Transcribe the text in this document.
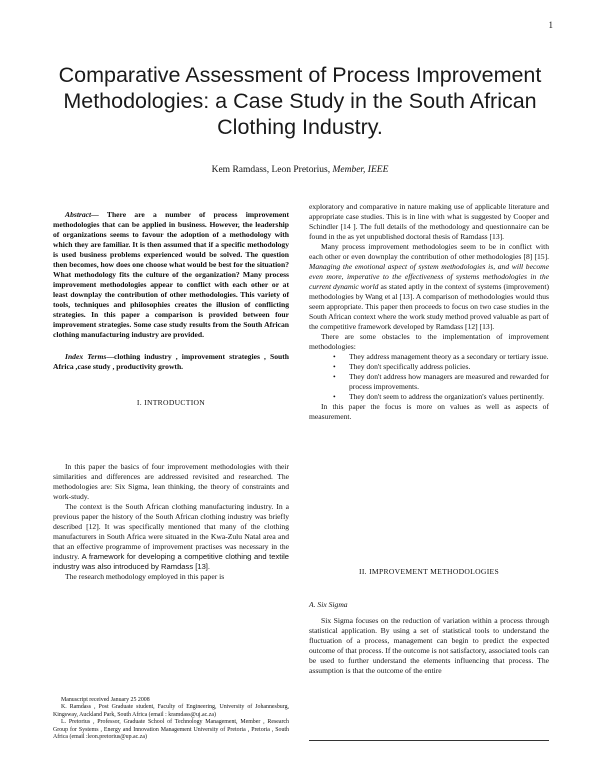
1
Comparative Assessment of Process Improvement Methodologies: a Case Study in the South African Clothing Industry.
Kem Ramdass, Leon Pretorius, Member, IEEE
Abstract— There are a number of process improvement methodologies that can be applied in business. However, the leadership of organizations seems to favour the adoption of a methodology with which they are familiar. It is then assumed that if a specific methodology is used business problems experienced would be solved. The question then becomes, how does one choose what would be best for the situation? What methodology fits the culture of the organization? Many process improvement methodologies appear to conflict with each other or at least downplay the contribution of other methodologies. This variety of tools, techniques and philosophies creates the illusion of conflicting strategies. In this paper a comparison is provided between four improvement strategies. Some case study results from the South African clothing manufacturing industry are provided.
Index Terms—clothing industry , improvement strategies , South Africa ,case study , productivity growth.
I. INTRODUCTION

In this paper the basics of four improvement methodologies with their similarities and differences are addressed revisited and researched. The methodologies are: Six Sigma, lean thinking, the theory of constraints and work-study.

The context is the South African clothing manufacturing industry. In a previous paper the history of the South African clothing industry was briefly described [12]. It was specifically mentioned that many of the clothing manufacturers in South Africa were situated in the Kwa-Zulu Natal area and that an effective programme of improvement practises was necessary in the industry. A framework for developing a competitive clothing and textile industry was also introduced by Ramdass [13].

The research methodology employed in this paper is

Manuscript received January 25 2008

K. Ramdass , Post Graduate student, Faculty of Engineering, University of Johannesburg, Kingsway, Auckland Park, South Africa (email : kramdass@uj.ac.za)

L. Pretorius , Professor, Graduate School of Technology Management, Member , Research Group for Systems , Energy and Innovation Management University of Pretoria , Pretoria , South Africa (email :leon.pretorius@up.ac.za)

exploratory and comparative in nature making use of applicable literature and appropriate case studies. This is in line with what is suggested by Cooper and Schindler [14 ]. The full details of the methodology and questionnaire can be found in the as yet unpublished doctoral thesis of Ramdass [13].

Many process improvement methodologies seem to be in conflict with each other or even downplay the contribution of other methodologies [8] [15]. Managing the emotional aspect of system methodologies is, and will become even more, imperative to the effectiveness of systems methodologies in the current dynamic world as stated aptly in the context of systems (improvement) methodologies by Wang et al [13]. A comparison of methodologies would thus seem appropriate. This paper then proceeds to focus on two case studies in the South African context where the work study method proved valuable as part of the competitive framework developed by Ramdass [12] [13].

There are some obstacles to the implementation of improvement methodologies:

• They address management theory as a secondary or tertiary issue.
• They don't specifically address policies.
• They don't address how managers are measured and rewarded for process improvements.
• They don't seem to address the organization's values pertinently.

In this paper the focus is more on values as well as aspects of measurement.

II. IMPROVEMENT METHODOLOGIES
A. Six Sigma

Six Sigma focuses on the reduction of variation within a process through statistical application. By using a set of statistical tools to understand the fluctuation of a process, management can begin to predict the expected outcome of that process. If the outcome is not satisfactory, associated tools can be used to further understand the elements influencing that process. The assumption is that the outcome of the entire
